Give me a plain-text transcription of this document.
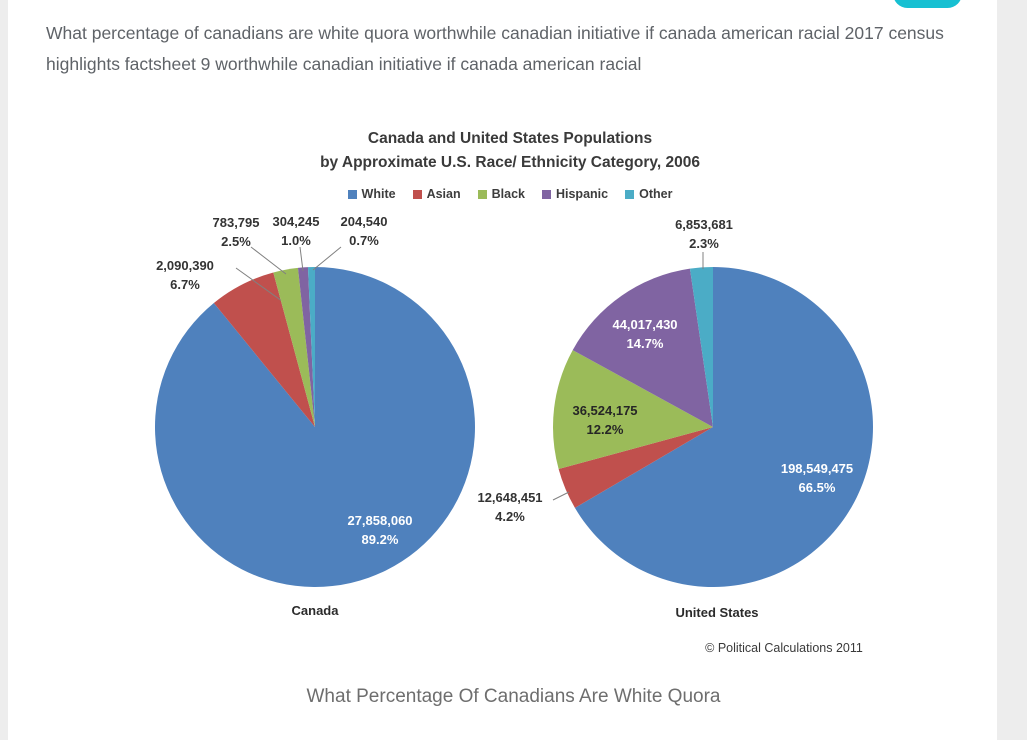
What percentage of canadians are white quora worthwhile canadian initiative if canada american racial 2017 census highlights factsheet 9 worthwhile canadian initiative if canada american racial

Canada and United States Populations
by Approximate U.S. Race/ Ethnicity Category, 2006
White Asian Black Hispanic Other
27,858,060
89.2%
2,090,390
6.7%
783,795
2.5%
304,245
1.0%
204,540
0.7%
198,549,475
66.5%
12,648,451
4.2%
36,524,175
12.2%
44,017,430
14.7%
6,853,681
2.3%
Canada	United States
© Political Calculations 2011

What Percentage Of Canadians Are White Quora
